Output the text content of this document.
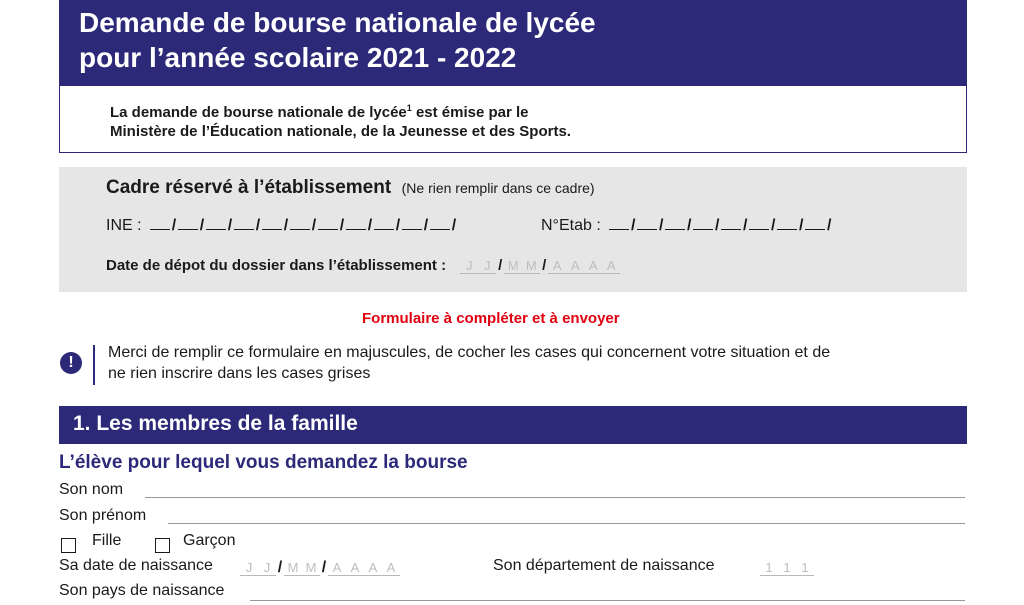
Demande de bourse nationale de lycée
pour l’année scolaire 2021 - 2022
La demande de bourse nationale de lycée$^1$ est émise par le
Ministère de l’Éducation nationale, de la Jeunesse et des Sports.
Cadre réservé à l’établissement (Ne rien remplir dans ce cadre)
INE : / / / / / / / / / / /	N°Etab : / / / / / / / /
Date de dépot du dossier dans l’établissement : J J / M M / A A A A
Formulaire à compléter et à envoyer
!
Merci de remplir ce formulaire en majuscules, de cocher les cases qui concernent votre situation et de
ne rien inscrire dans les cases grises
1. Les membres de la famille
L’élève pour lequel vous demandez la bourse
Son nom
Son prénom
Fille	Garçon
Sa date de naissance	J J / M M / A A A A	Son département de naissance	1 1 1
Son pays de naissance
